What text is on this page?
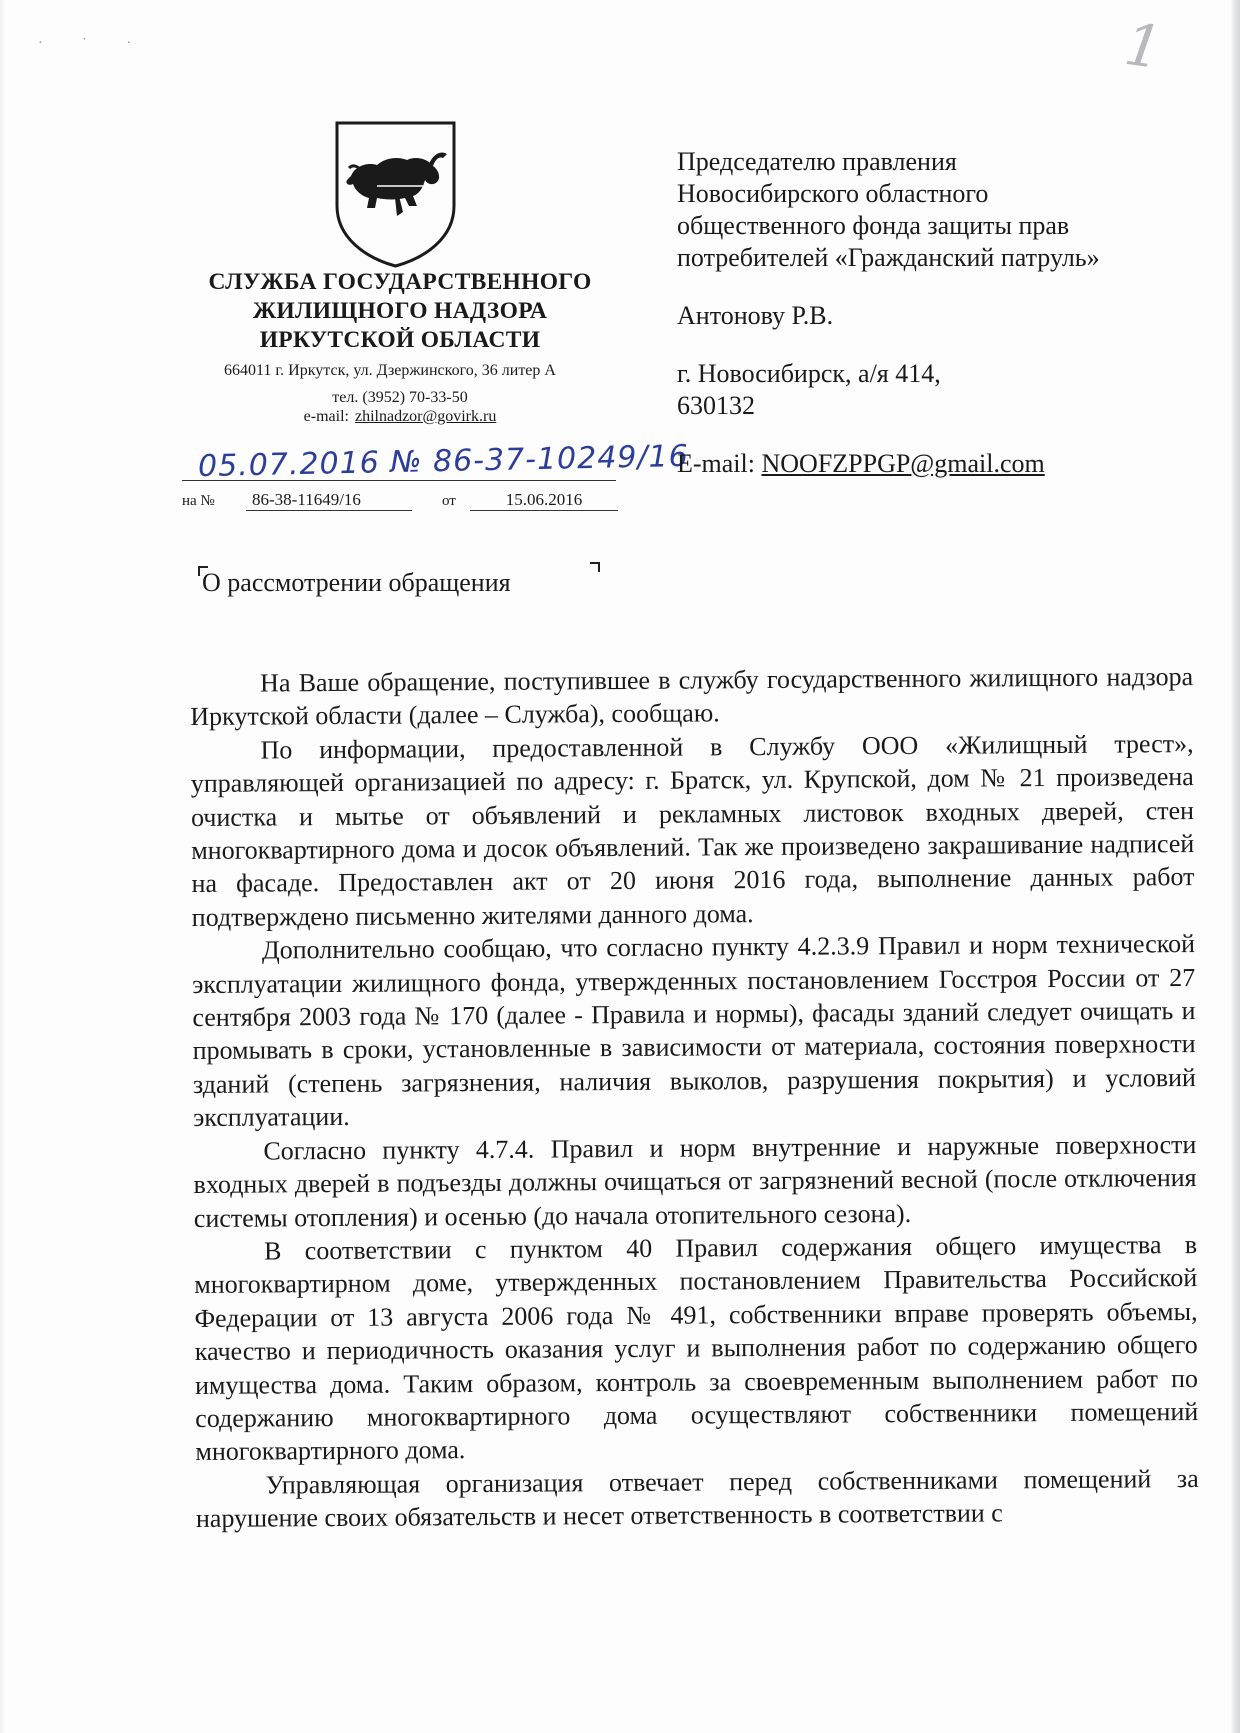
· ˙ ·	1
СЛУЖБА ГОСУДАРСТВЕННОГО
ЖИЛИЩНОГО НАДЗОРА
ИРКУТСКОЙ ОБЛАСТИ
664011 г. Иркутск, ул. Дзержинского, 36 литер А
тел. (3952) 70-33-50
e-mail: zhilnadzor@govirk.ru
05.07.2016 № 86-37-10249/16
на №	86-38-11649/16	от	15.06.2016
Председателю правления
Новосибирского областного
общественного фонда защиты прав
потребителей «Гражданский патруль»
Антонову Р.В.
г. Новосибирск, а/я 414,
630132
E-mail: NOOFZPPGP@gmail.com
О рассмотрении обращения

На Ваше обращение, поступившее в службу государственного жилищного надзора Иркутской области (далее – Служба), сообщаю.

По информации, предоставленной в Службу ООО «Жилищный трест», управляющей организацией по адресу: г. Братск, ул. Крупской, дом № 21 произведена очистка и мытье от объявлений и рекламных листовок входных дверей, стен многоквартирного дома и досок объявлений. Так же произведено закрашивание надписей на фасаде. Предоставлен акт от 20 июня 2016 года, выполнение данных работ подтверждено письменно жителями данного дома.

Дополнительно сообщаю, что согласно пункту 4.2.3.9 Правил и норм технической эксплуатации жилищного фонда, утвержденных постановлением Госстроя России от 27 сентября 2003 года № 170 (далее - Правила и нормы), фасады зданий следует очищать и промывать в сроки, установленные в зависимости от материала, состояния поверхности зданий (степень загрязнения, наличия выколов, разрушения покрытия) и условий эксплуатации.

Согласно пункту 4.7.4. Правил и норм внутренние и наружные поверхности входных дверей в подъезды должны очищаться от загрязнений весной (после отключения системы отопления) и осенью (до начала отопительного сезона).

В соответствии с пунктом 40 Правил содержания общего имущества в многоквартирном доме, утвержденных постановлением Правительства Российской Федерации от 13 августа 2006 года № 491, собственники вправе проверять объемы, качество и периодичность оказания услуг и выполнения работ по содержанию общего имущества дома. Таким образом, контроль за своевременным выполнением работ по содержанию многоквартирного дома осуществляют собственники помещений многоквартирного дома.

Управляющая организация отвечает перед собственниками помещений за нарушение своих обязательств и несет ответственность в соответствии с
